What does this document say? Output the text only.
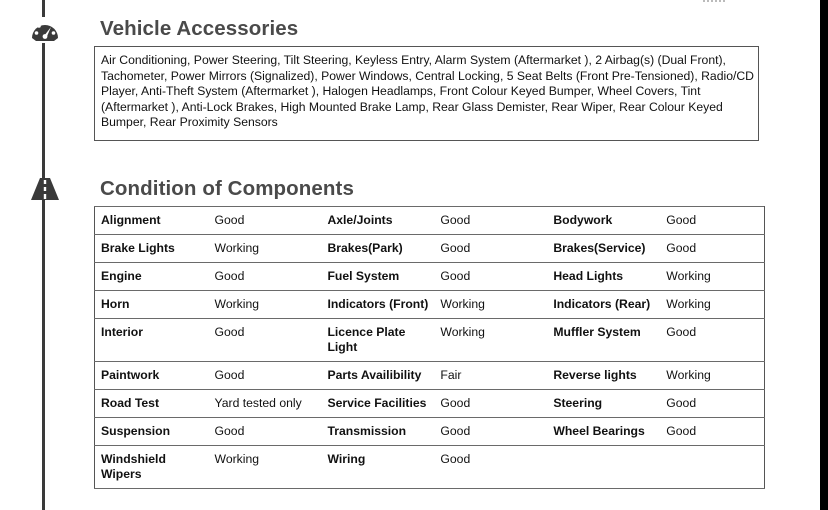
Vehicle Accessories
Air Conditioning, Power Steering, Tilt Steering, Keyless Entry, Alarm System (Aftermarket ), 2 Airbag(s) (Dual Front), Tachometer, Power Mirrors (Signalized), Power Windows, Central Locking, 5 Seat Belts (Front Pre-Tensioned), Radio/CD Player, Anti-Theft System (Aftermarket ), Halogen Headlamps, Front Colour Keyed Bumper, Wheel Covers, Tint (Aftermarket ), Anti-Lock Brakes, High Mounted Brake Lamp, Rear Glass Demister, Rear Wiper, Rear Colour Keyed Bumper, Rear Proximity Sensors
Condition of Components
Alignment	Good	Axle/Joints	Good	Bodywork	Good
Brake Lights	Working	Brakes(Park)	Good	Brakes(Service)	Good
Engine	Good	Fuel System	Good	Head Lights	Working
Horn	Working	Indicators (Front)	Working	Indicators (Rear)	Working
Interior	Good	Licence Plate Light	Working	Muffler System	Good
Paintwork	Good	Parts Availibility	Fair	Reverse lights	Working
Road Test	Yard tested only	Service Facilities	Good	Steering	Good
Suspension	Good	Transmission	Good	Wheel Bearings	Good
Windshield Wipers	Working	Wiring	Good		
